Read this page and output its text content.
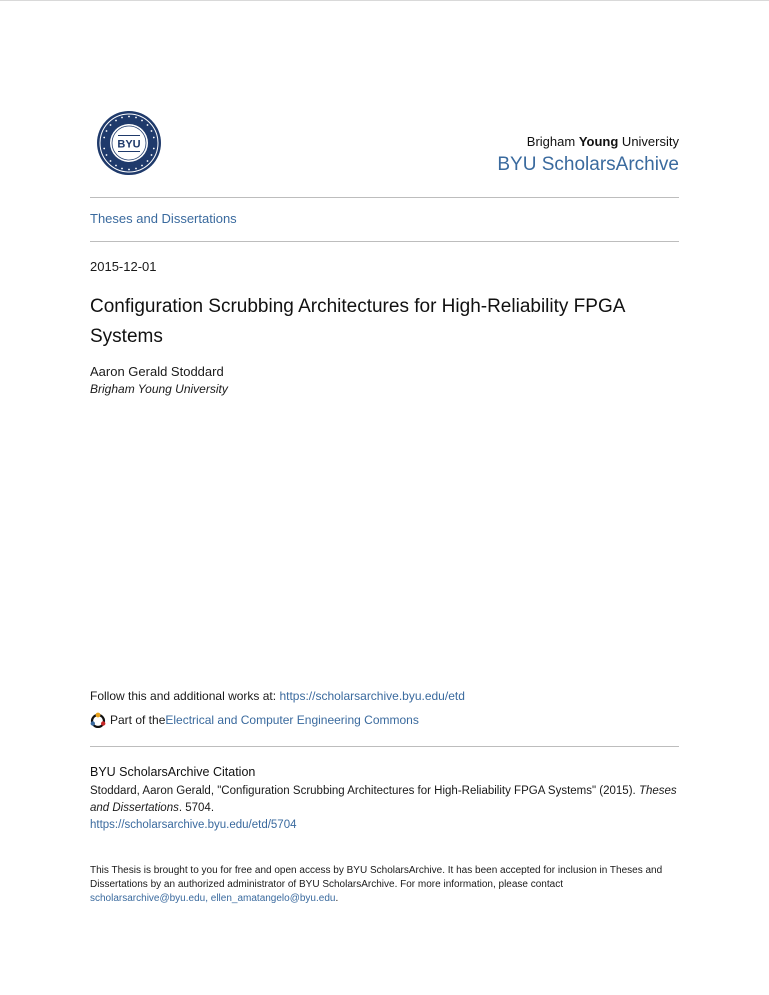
BYU	Brigham Young University
BYU ScholarsArchive
Theses and Dissertations
2015-12-01
Configuration Scrubbing Architectures for High-Reliability FPGA Systems
Aaron Gerald Stoddard
Brigham Young University
Follow this and additional works at: https://scholarsarchive.byu.edu/etd
Part of the Electrical and Computer Engineering Commons
BYU ScholarsArchive Citation
Stoddard, Aaron Gerald, "Configuration Scrubbing Architectures for High-Reliability FPGA Systems" (2015). Theses and Dissertations. 5704.
https://scholarsarchive.byu.edu/etd/5704
This Thesis is brought to you for free and open access by BYU ScholarsArchive. It has been accepted for inclusion in Theses and Dissertations by an authorized administrator of BYU ScholarsArchive. For more information, please contact scholarsarchive@byu.edu, ellen_amatangelo@byu.edu.
